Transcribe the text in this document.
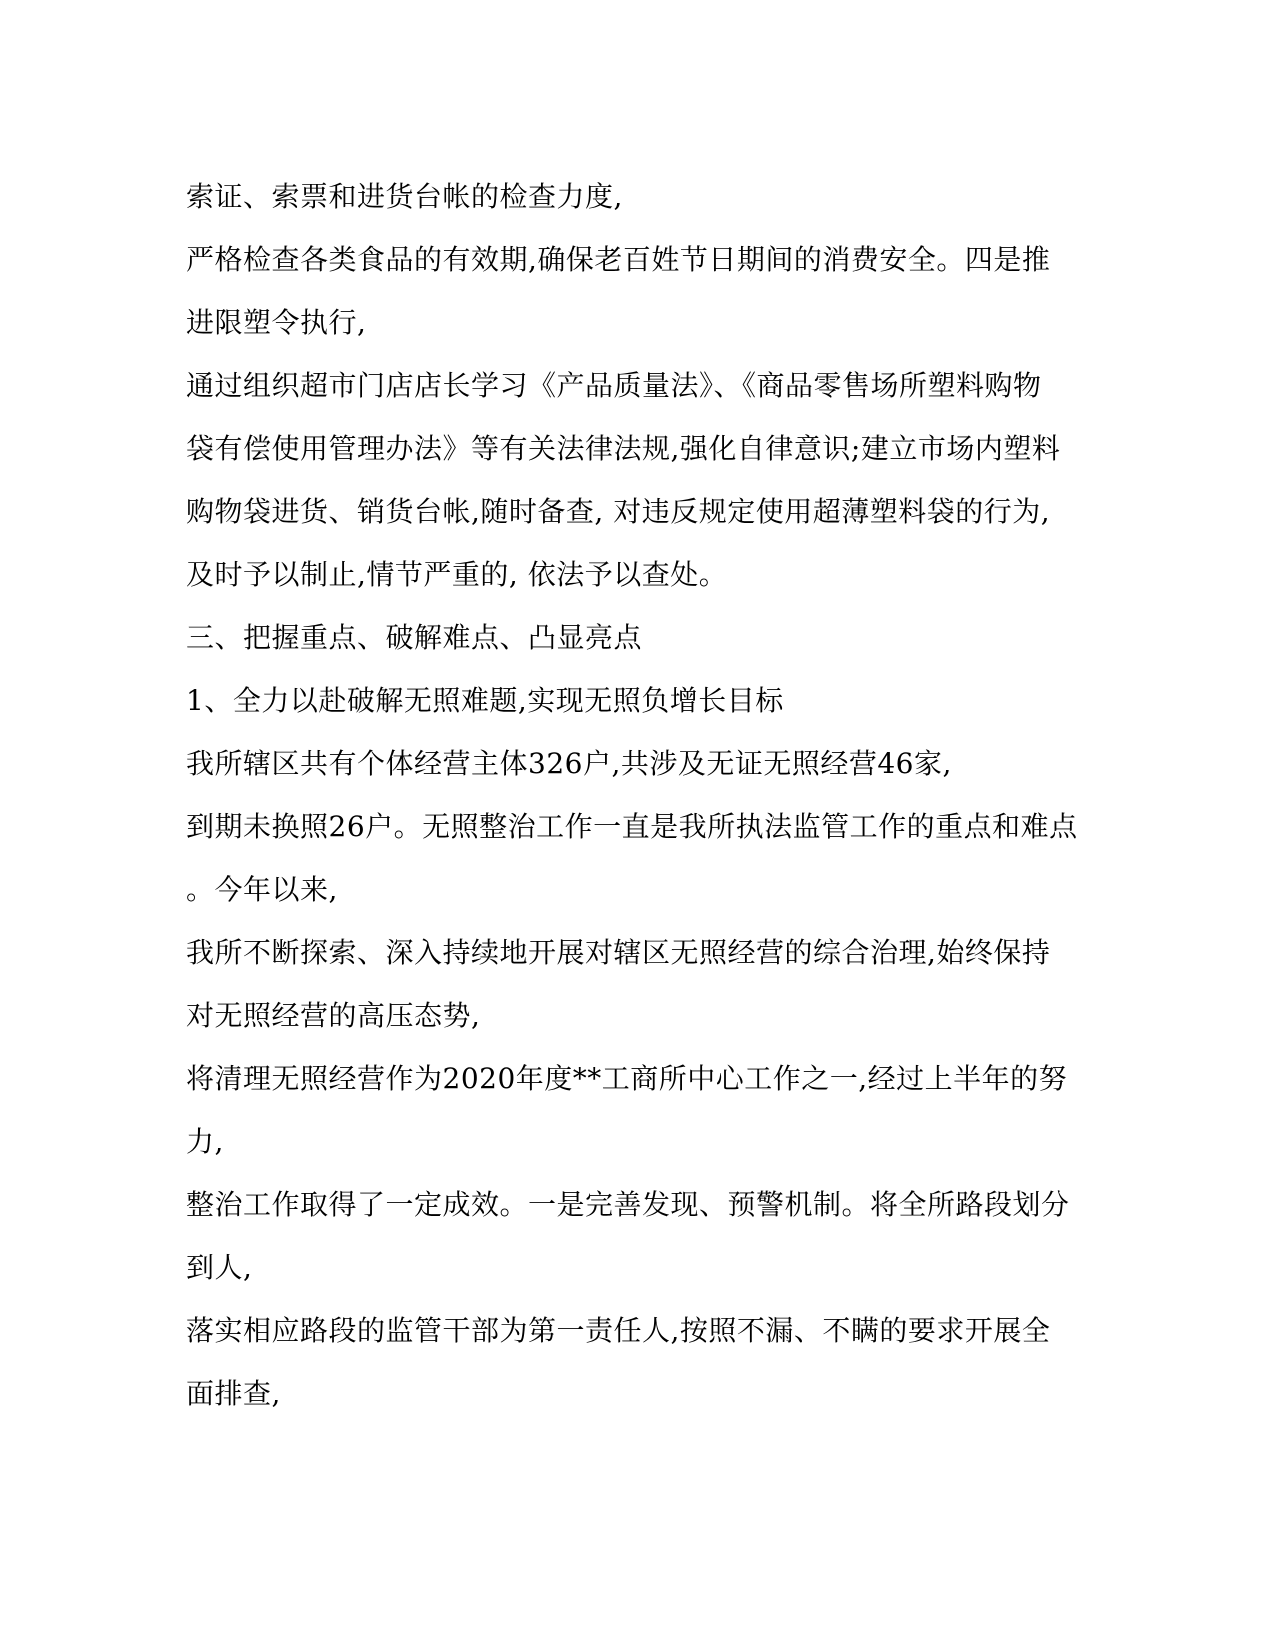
索证、索票和进货台帐的检查力度,
严格检查各类食品的有效期,确保老百姓节日期间的消费安全。四是推
进限塑令执行,
通过组织超市门店店长学习《产品质量法》、《商品零售场所塑料购物
袋有偿使用管理办法》等有关法律法规,强化自律意识;建立市场内塑料
购物袋进货、销货台帐,随时备查, 对违反规定使用超薄塑料袋的行为,
及时予以制止,情节严重的, 依法予以查处。
三、把握重点、破解难点、凸显亮点
1、全力以赴破解无照难题,实现无照负增长目标
我所辖区共有个体经营主体326户,共涉及无证无照经营46家,
到期未换照26户。无照整治工作一直是我所执法监管工作的重点和难点
。今年以来,
我所不断探索、深入持续地开展对辖区无照经营的综合治理,始终保持
对无照经营的高压态势,
将清理无照经营作为2020年度**工商所中心工作之一,经过上半年的努
力,
整治工作取得了一定成效。一是完善发现、预警机制。将全所路段划分
到人,
落实相应路段的监管干部为第一责任人,按照不漏、不瞒的要求开展全
面排查,
